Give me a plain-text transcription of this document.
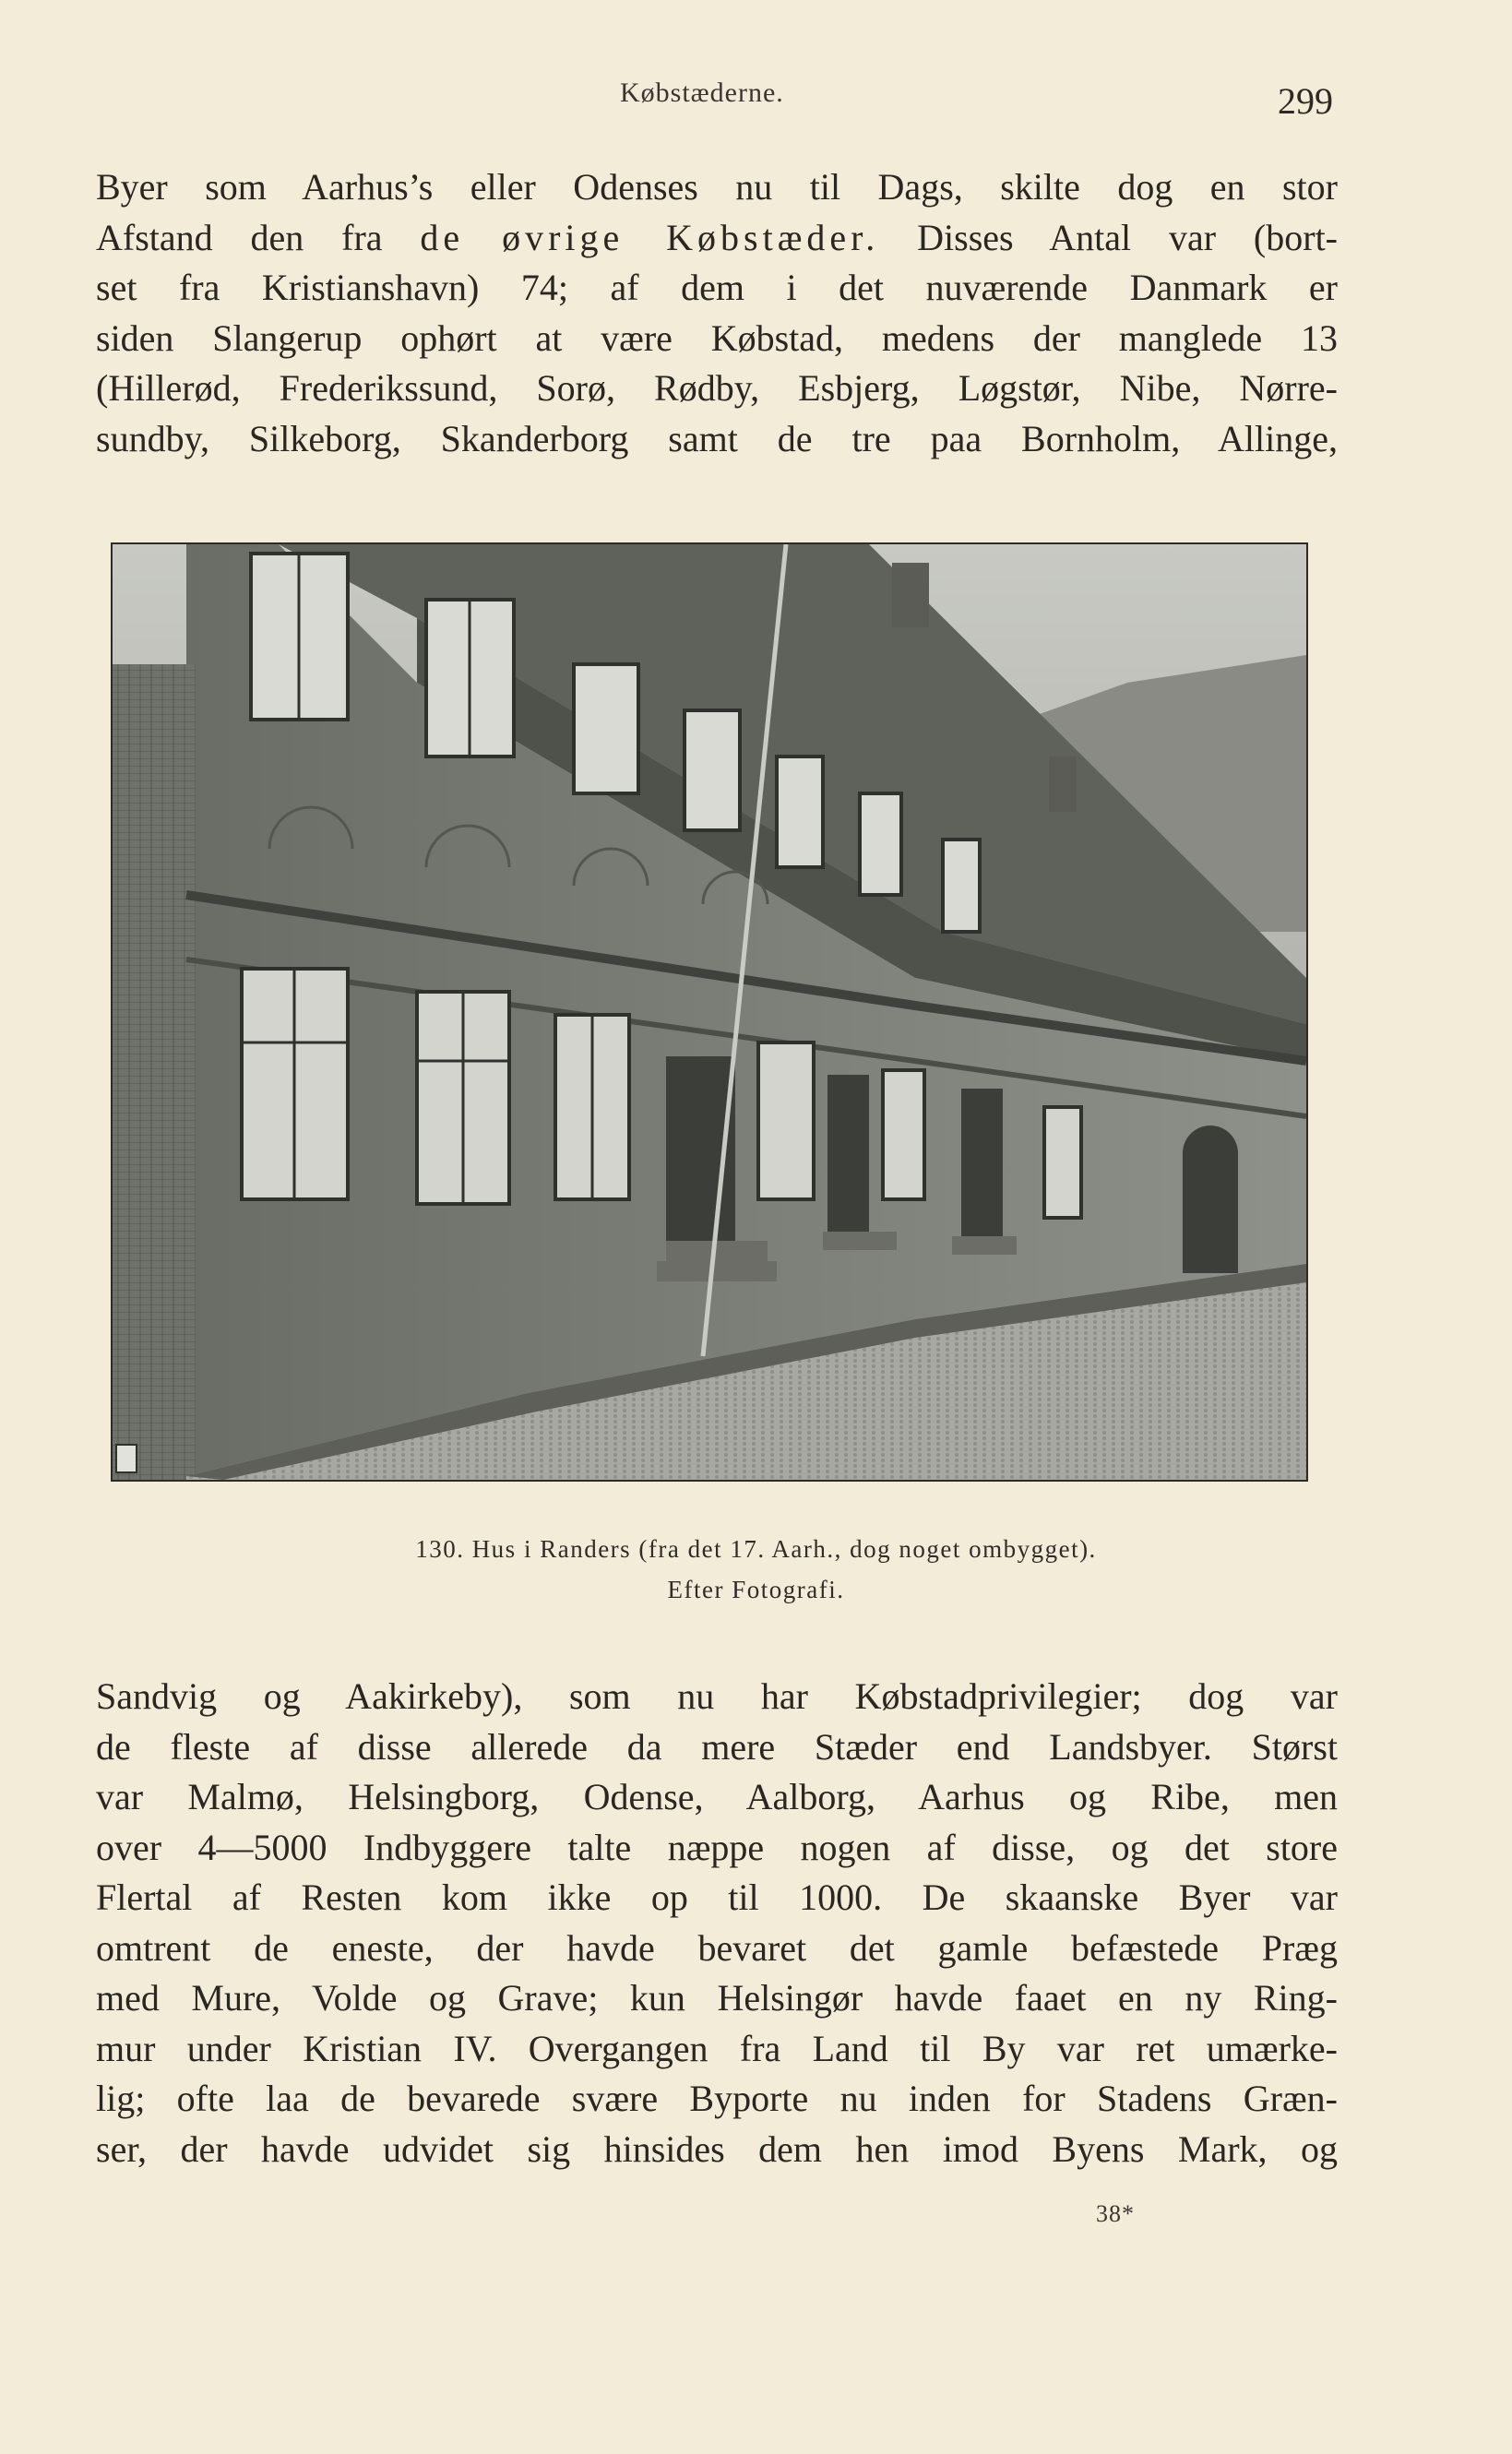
Købstæderne.	299
Byer som Aarhus’s eller Odenses nu til Dags, skilte dog en stor
Afstand den fra de øvrige Købstæder. Disses Antal var (bort-
set fra Kristianshavn) 74; af dem i det nuværende Danmark er
siden Slangerup ophørt at være Købstad, medens der manglede 13
(Hillerød, Frederikssund, Sorø, Rødby, Esbjerg, Løgstør, Nibe, Nørre-
sundby, Silkeborg, Skanderborg samt de tre paa Bornholm, Allinge,
130. Hus i Randers (fra det 17. Aarh., dog noget ombygget).
Efter Fotografi.
Sandvig og Aakirkeby), som nu har Købstadprivilegier; dog var
de fleste af disse allerede da mere Stæder end Landsbyer. Størst
var Malmø, Helsingborg, Odense, Aalborg, Aarhus og Ribe, men
over 4—5000 Indbyggere talte næppe nogen af disse, og det store
Flertal af Resten kom ikke op til 1000. De skaanske Byer var
omtrent de eneste, der havde bevaret det gamle befæstede Præg
med Mure, Volde og Grave; kun Helsingør havde faaet en ny Ring-
mur under Kristian IV. Overgangen fra Land til By var ret umærke-
lig; ofte laa de bevarede svære Byporte nu inden for Stadens Græn-
ser, der havde udvidet sig hinsides dem hen imod Byens Mark, og
38*
